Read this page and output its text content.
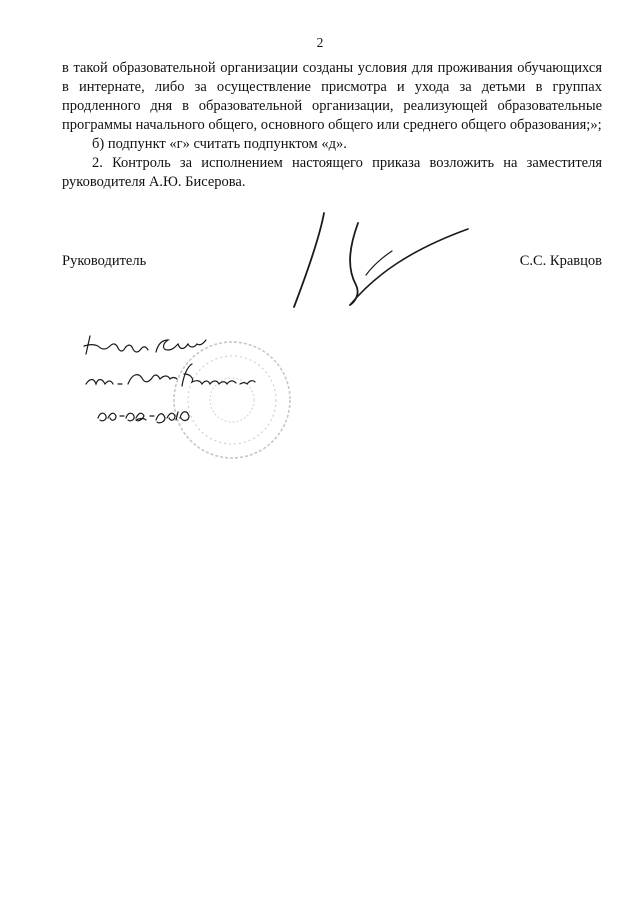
2

в такой образовательной организации созданы условия для проживания обучающихся в интернате, либо за осуществление присмотра и ухода за детьми в группах продленного дня в образовательной организации, реализующей образовательные программы начального общего, основного общего или среднего общего образования;»;

б) подпункт «г» считать подпунктом «д».

2. Контроль за исполнением настоящего приказа возложить на заместителя руководителя А.Ю. Бисерова.

Руководитель	С.С. Кравцов
